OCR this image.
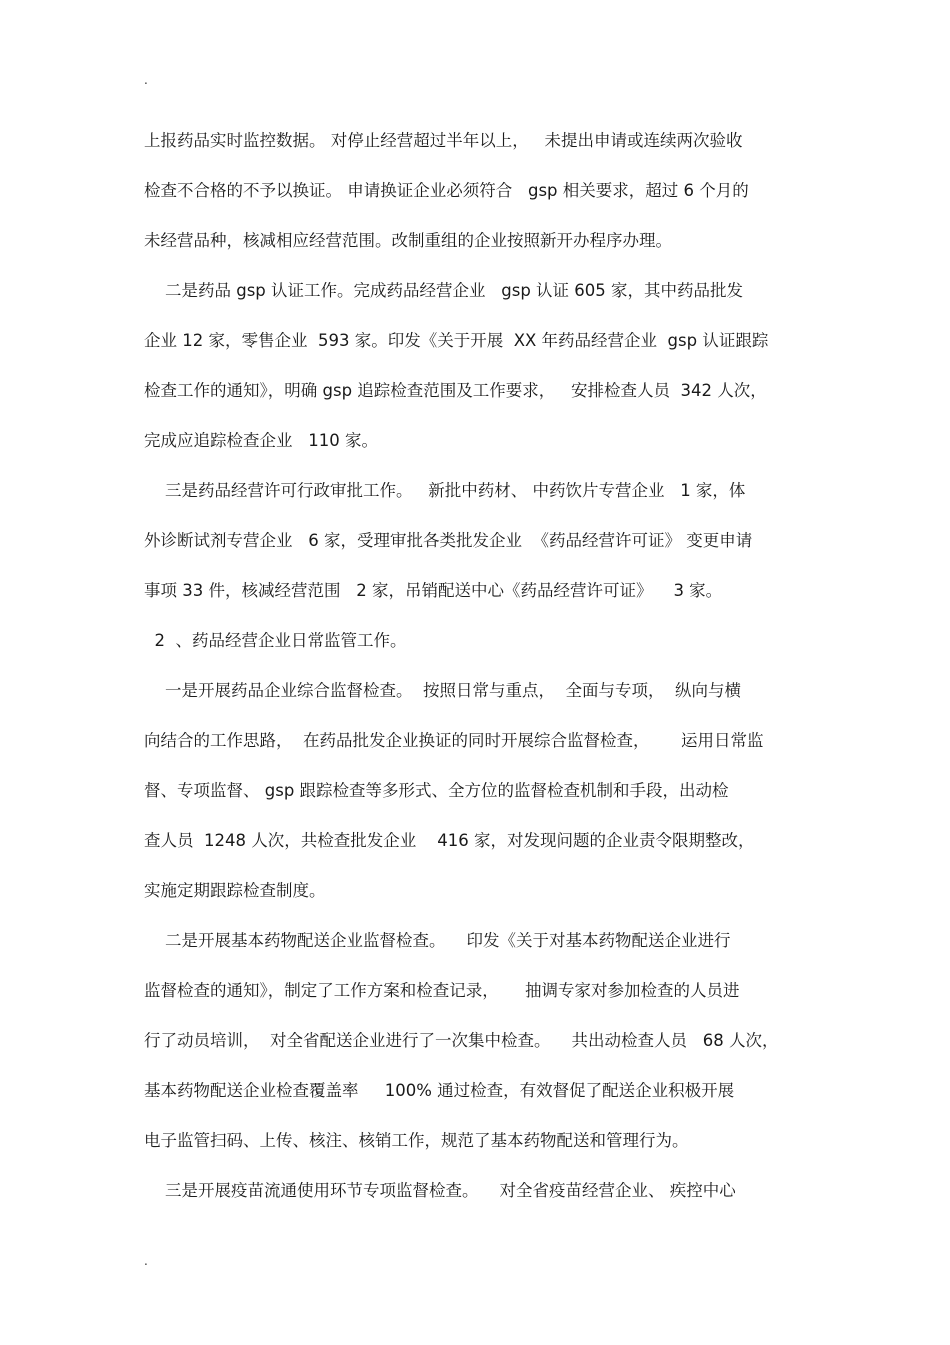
.
上报药品实时监控数据。 对停止经营超过半年以上，   未提出申请或连续两次验收
检查不合格的不予以换证。 申请换证企业必须符合   gsp 相关要求，超过 6 个月的
未经营品种，核减相应经营范围。改制重组的企业按照新开办程序办理。
二是药品 gsp 认证工作。完成药品经营企业   gsp 认证 605 家，其中药品批发
企业 12 家，零售企业  593 家。印发《关于开展  XX 年药品经营企业  gsp 认证跟踪
检查工作的通知》，明确 gsp 追踪检查范围及工作要求，   安排检查人员  342 人次，
完成应追踪检查企业   110 家。
三是药品经营许可行政审批工作。   新批中药材、 中药饮片专营企业   1 家，体
外诊断试剂专营企业   6 家，受理审批各类批发企业  《药品经营许可证》 变更申请
事项 33 件，核减经营范围   2 家，吊销配送中心《药品经营许可证》    3 家。
2  、药品经营企业日常监管工作。
一是开展药品企业综合监督检查。  按照日常与重点，  全面与专项，  纵向与横
向结合的工作思路，  在药品批发企业换证的同时开展综合监督检查，      运用日常监
督、专项监督、 gsp 跟踪检查等多形式、全方位的监督检查机制和手段，出动检
查人员  1248 人次，共检查批发企业    416 家，对发现问题的企业责令限期整改，
实施定期跟踪检查制度。
二是开展基本药物配送企业监督检查。    印发《关于对基本药物配送企业进行
监督检查的通知》，制定了工作方案和检查记录，     抽调专家对参加检查的人员进
行了动员培训，  对全省配送企业进行了一次集中检查。    共出动检查人员   68 人次，
基本药物配送企业检查覆盖率     100% 通过检查，有效督促了配送企业积极开展
电子监管扫码、上传、核注、核销工作，规范了基本药物配送和管理行为。
三是开展疫苗流通使用环节专项监督检查。    对全省疫苗经营企业、 疾控中心
.
